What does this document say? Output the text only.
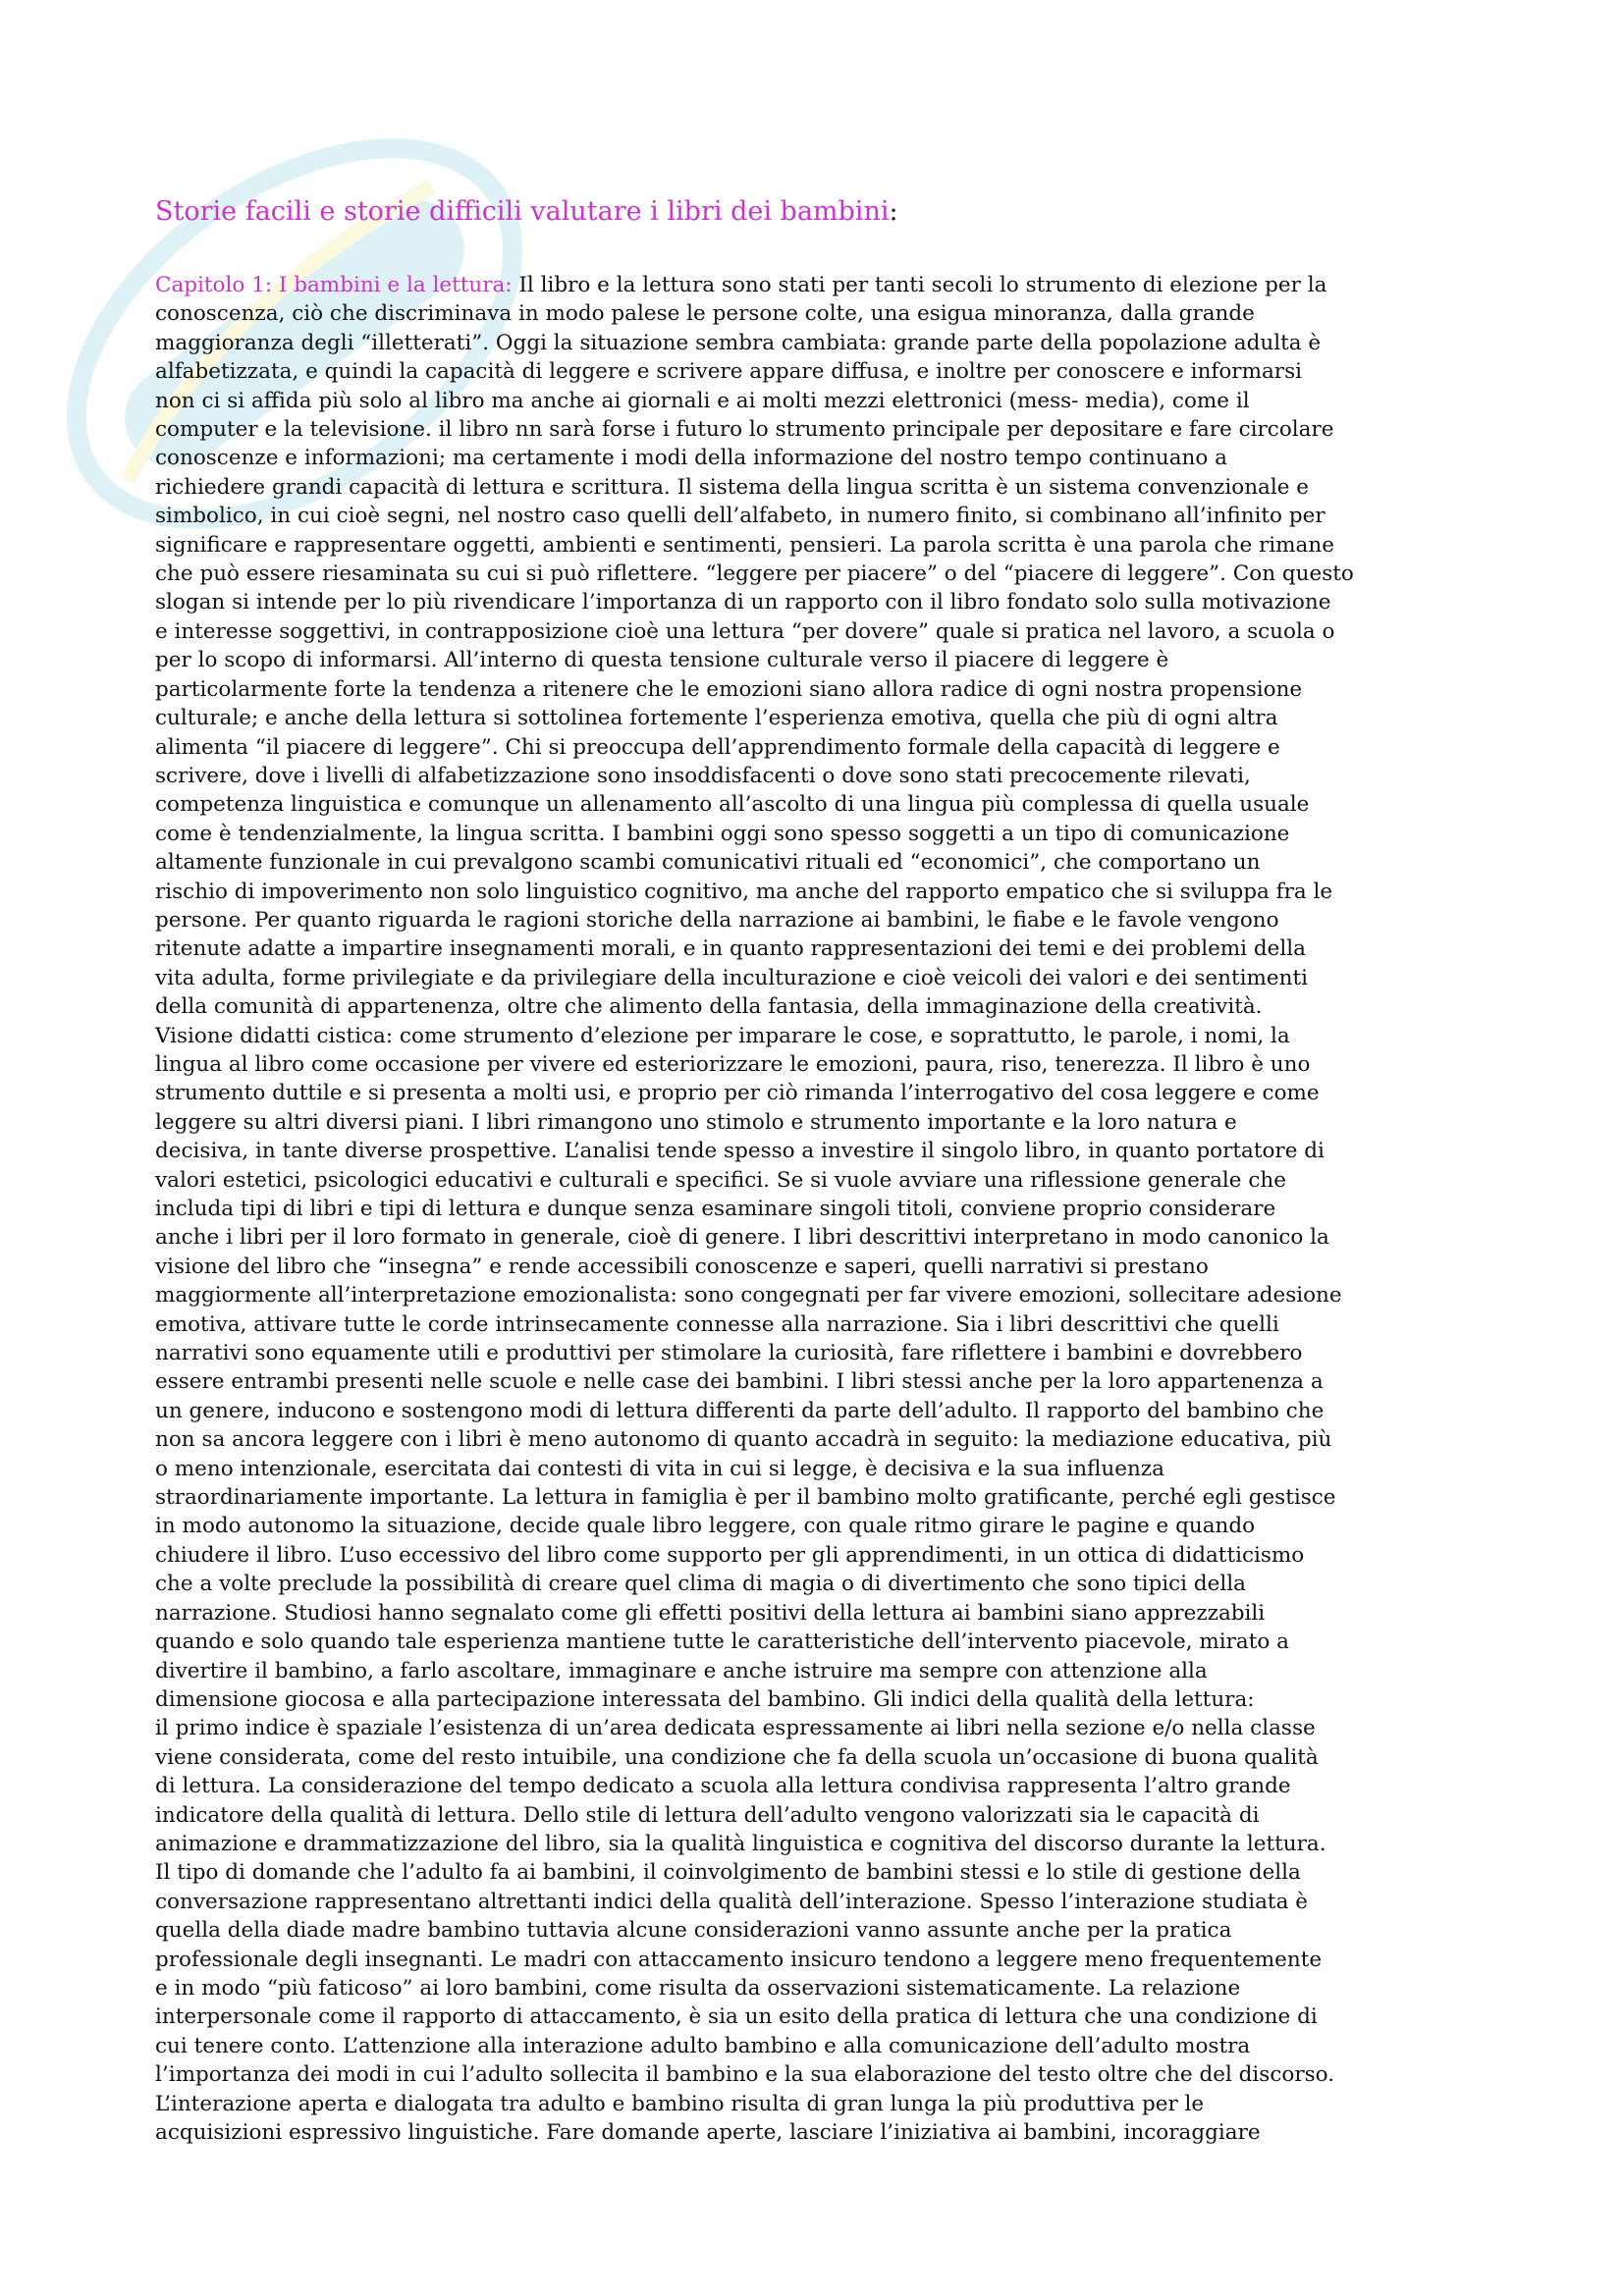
Storie facili e storie difficili valutare i libri dei bambini:
Capitolo 1: I bambini e la lettura: Il libro e la lettura sono stati per tanti secoli lo strumento di elezione per la
conoscenza, ciò che discriminava in modo palese le persone colte, una esigua minoranza, dalla grande
maggioranza degli “illetterati”. Oggi la situazione sembra cambiata: grande parte della popolazione adulta è
alfabetizzata, e quindi la capacità di leggere e scrivere appare diffusa, e inoltre per conoscere e informarsi
non ci si affida più solo al libro ma anche ai giornali e ai molti mezzi elettronici (mess- media), come il
computer e la televisione. il libro nn sarà forse i futuro lo strumento principale per depositare e fare circolare
conoscenze e informazioni; ma certamente i modi della informazione del nostro tempo continuano a
richiedere grandi capacità di lettura e scrittura. Il sistema della lingua scritta è un sistema convenzionale e
simbolico, in cui cioè segni, nel nostro caso quelli dell’alfabeto, in numero finito, si combinano all’infinito per
significare e rappresentare oggetti, ambienti e sentimenti, pensieri. La parola scritta è una parola che rimane
che può essere riesaminata su cui si può riflettere. “leggere per piacere” o del “piacere di leggere”. Con questo
slogan si intende per lo più rivendicare l’importanza di un rapporto con il libro fondato solo sulla motivazione
e interesse soggettivi, in contrapposizione cioè una lettura “per dovere” quale si pratica nel lavoro, a scuola o
per lo scopo di informarsi. All’interno di questa tensione culturale verso il piacere di leggere è
particolarmente forte la tendenza a ritenere che le emozioni siano allora radice di ogni nostra propensione
culturale; e anche della lettura si sottolinea fortemente l’esperienza emotiva, quella che più di ogni altra
alimenta “il piacere di leggere”. Chi si preoccupa dell’apprendimento formale della capacità di leggere e
scrivere, dove i livelli di alfabetizzazione sono insoddisfacenti o dove sono stati precocemente rilevati,
competenza linguistica e comunque un allenamento all’ascolto di una lingua più complessa di quella usuale
come è tendenzialmente, la lingua scritta. I bambini oggi sono spesso soggetti a un tipo di comunicazione
altamente funzionale in cui prevalgono scambi comunicativi rituali ed “economici”, che comportano un
rischio di impoverimento non solo linguistico cognitivo, ma anche del rapporto empatico che si sviluppa fra le
persone. Per quanto riguarda le ragioni storiche della narrazione ai bambini, le fiabe e le favole vengono
ritenute adatte a impartire insegnamenti morali, e in quanto rappresentazioni dei temi e dei problemi della
vita adulta, forme privilegiate e da privilegiare della inculturazione e cioè veicoli dei valori e dei sentimenti
della comunità di appartenenza, oltre che alimento della fantasia, della immaginazione della creatività.
Visione didatti cistica: come strumento d’elezione per imparare le cose, e soprattutto, le parole, i nomi, la
lingua al libro come occasione per vivere ed esteriorizzare le emozioni, paura, riso, tenerezza. Il libro è uno
strumento duttile e si presenta a molti usi, e proprio per ciò rimanda l’interrogativo del cosa leggere e come
leggere su altri diversi piani. I libri rimangono uno stimolo e strumento importante e la loro natura e
decisiva, in tante diverse prospettive. L’analisi tende spesso a investire il singolo libro, in quanto portatore di
valori estetici, psicologici educativi e culturali e specifici. Se si vuole avviare una riflessione generale che
includa tipi di libri e tipi di lettura e dunque senza esaminare singoli titoli, conviene proprio considerare
anche i libri per il loro formato in generale, cioè di genere. I libri descrittivi interpretano in modo canonico la
visione del libro che “insegna” e rende accessibili conoscenze e saperi, quelli narrativi si prestano
maggiormente all’interpretazione emozionalista: sono congegnati per far vivere emozioni, sollecitare adesione
emotiva, attivare tutte le corde intrinsecamente connesse alla narrazione. Sia i libri descrittivi che quelli
narrativi sono equamente utili e produttivi per stimolare la curiosità, fare riflettere i bambini e dovrebbero
essere entrambi presenti nelle scuole e nelle case dei bambini. I libri stessi anche per la loro appartenenza a
un genere, inducono e sostengono modi di lettura differenti da parte dell’adulto. Il rapporto del bambino che
non sa ancora leggere con i libri è meno autonomo di quanto accadrà in seguito: la mediazione educativa, più
o meno intenzionale, esercitata dai contesti di vita in cui si legge, è decisiva e la sua influenza
straordinariamente importante. La lettura in famiglia è per il bambino molto gratificante, perché egli gestisce
in modo autonomo la situazione, decide quale libro leggere, con quale ritmo girare le pagine e quando
chiudere il libro. L’uso eccessivo del libro come supporto per gli apprendimenti, in un ottica di didatticismo
che a volte preclude la possibilità di creare quel clima di magia o di divertimento che sono tipici della
narrazione. Studiosi hanno segnalato come gli effetti positivi della lettura ai bambini siano apprezzabili
quando e solo quando tale esperienza mantiene tutte le caratteristiche dell’intervento piacevole, mirato a
divertire il bambino, a farlo ascoltare, immaginare e anche istruire ma sempre con attenzione alla
dimensione giocosa e alla partecipazione interessata del bambino. Gli indici della qualità della lettura:
il primo indice è spaziale l’esistenza di un’area dedicata espressamente ai libri nella sezione e/o nella classe
viene considerata, come del resto intuibile, una condizione che fa della scuola un’occasione di buona qualità
di lettura. La considerazione del tempo dedicato a scuola alla lettura condivisa rappresenta l’altro grande
indicatore della qualità di lettura. Dello stile di lettura dell’adulto vengono valorizzati sia le capacità di
animazione e drammatizzazione del libro, sia la qualità linguistica e cognitiva del discorso durante la lettura.
Il tipo di domande che l’adulto fa ai bambini, il coinvolgimento de bambini stessi e lo stile di gestione della
conversazione rappresentano altrettanti indici della qualità dell’interazione. Spesso l’interazione studiata è
quella della diade madre bambino tuttavia alcune considerazioni vanno assunte anche per la pratica
professionale degli insegnanti. Le madri con attaccamento insicuro tendono a leggere meno frequentemente
e in modo “più faticoso” ai loro bambini, come risulta da osservazioni sistematicamente. La relazione
interpersonale come il rapporto di attaccamento, è sia un esito della pratica di lettura che una condizione di
cui tenere conto. L’attenzione alla interazione adulto bambino e alla comunicazione dell’adulto mostra
l’importanza dei modi in cui l’adulto sollecita il bambino e la sua elaborazione del testo oltre che del discorso.
L’interazione aperta e dialogata tra adulto e bambino risulta di gran lunga la più produttiva per le
acquisizioni espressivo linguistiche. Fare domande aperte, lasciare l’iniziativa ai bambini, incoraggiare
